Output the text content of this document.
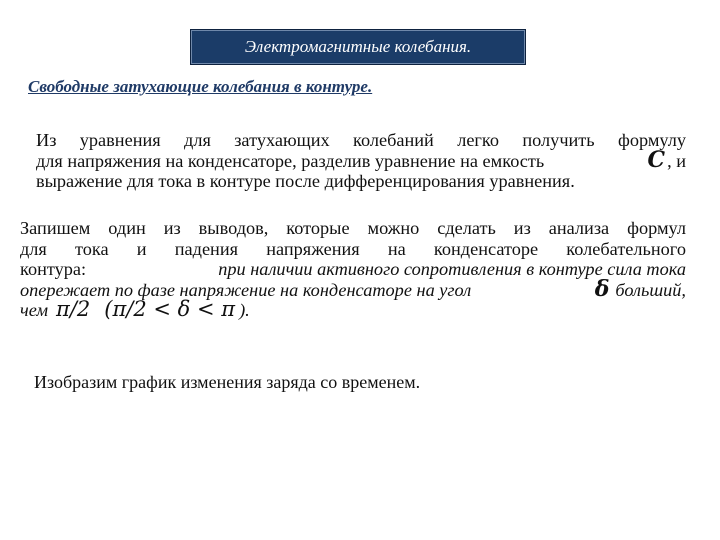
Электромагнитные колебания.
Свободные затухающие колебания в контуре.
Из уравнения для затухающих колебаний легко получить формулу
для напряжения на конденсаторе, разделив уравнение на емкость	C , и
выражение для тока в контуре после дифференцирования уравнения.
Запишем один из выводов, которые можно сделать из анализа формул
для тока и падения напряжения на конденсаторе колебательного
контура:	при наличии активного сопротивления в контуре сила тока
опережает по фазе напряжение на конденсаторе на угол	δ больший,
чем π/2 (π/2 < δ < π ).
Изобразим график изменения заряда со временем.
